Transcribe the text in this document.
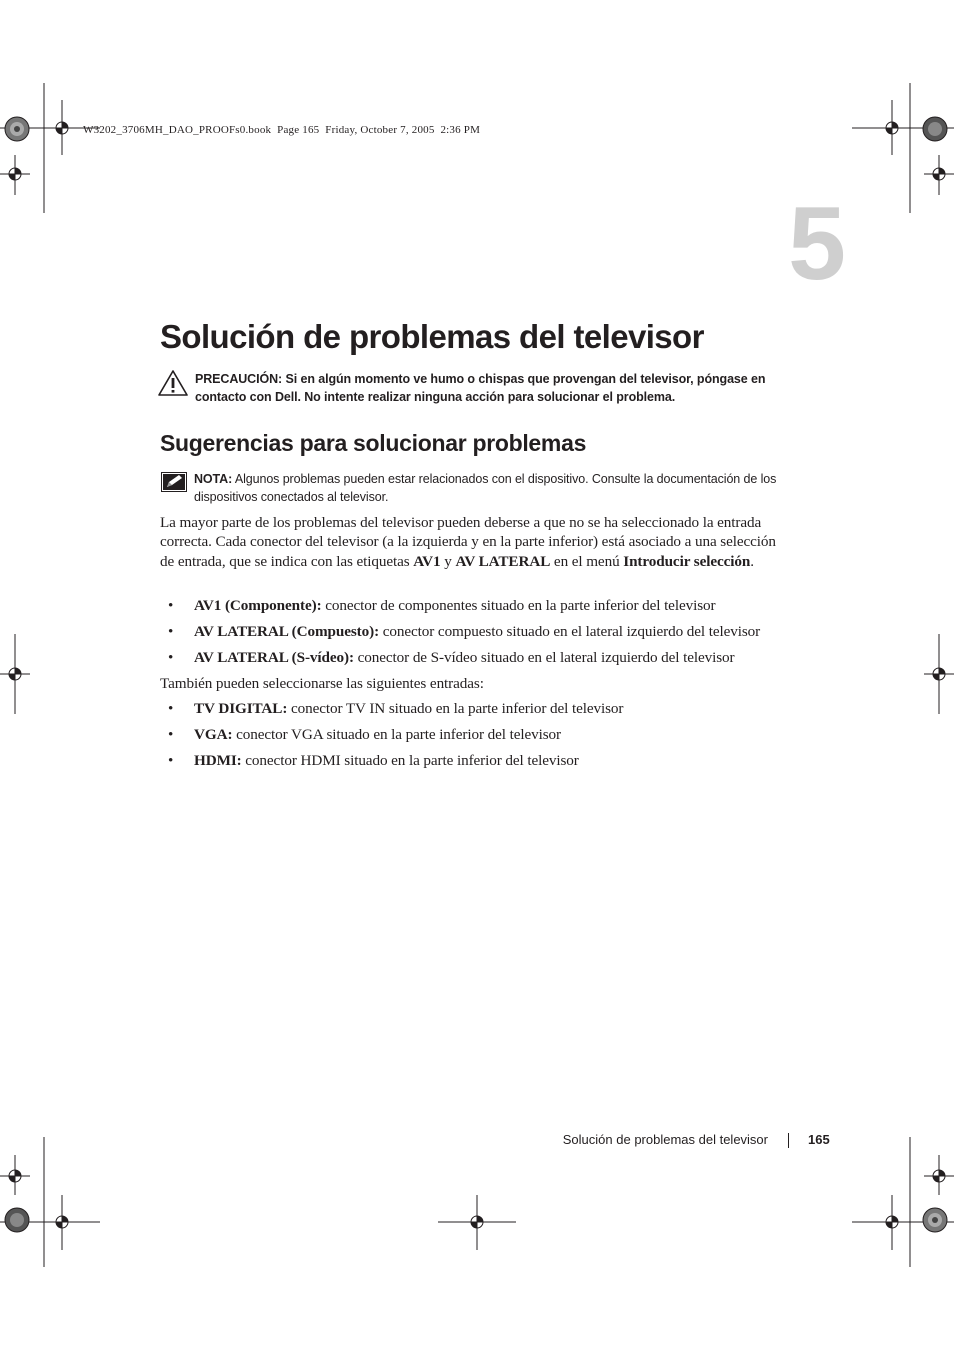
W3202_3706MH_DAO_PROOFs0.book  Page 165  Friday, October 7, 2005  2:36 PM
5
Solución de problemas del televisor
PRECAUCIÓN: Si en algún momento ve humo o chispas que provengan del televisor, póngase en contacto con Dell. No intente realizar ninguna acción para solucionar el problema.
Sugerencias para solucionar problemas
NOTA: Algunos problemas pueden estar relacionados con el dispositivo. Consulte la documentación de los dispositivos conectados al televisor.
La mayor parte de los problemas del televisor pueden deberse a que no se ha seleccionado la entrada correcta. Cada conector del televisor (a la izquierda y en la parte inferior) está asociado a una selección de entrada, que se indica con las etiquetas AV1 y AV LATERAL en el menú Introducir selección.
• AV1 (Componente): conector de componentes situado en la parte inferior del televisor
• AV LATERAL (Compuesto): conector compuesto situado en el lateral izquierdo del televisor
• AV LATERAL (S-vídeo): conector de S-vídeo situado en el lateral izquierdo del televisor
También pueden seleccionarse las siguientes entradas:
• TV DIGITAL: conector TV IN situado en la parte inferior del televisor
• VGA: conector VGA situado en la parte inferior del televisor
• HDMI: conector HDMI situado en la parte inferior del televisor
Solución de problemas del televisor	165
